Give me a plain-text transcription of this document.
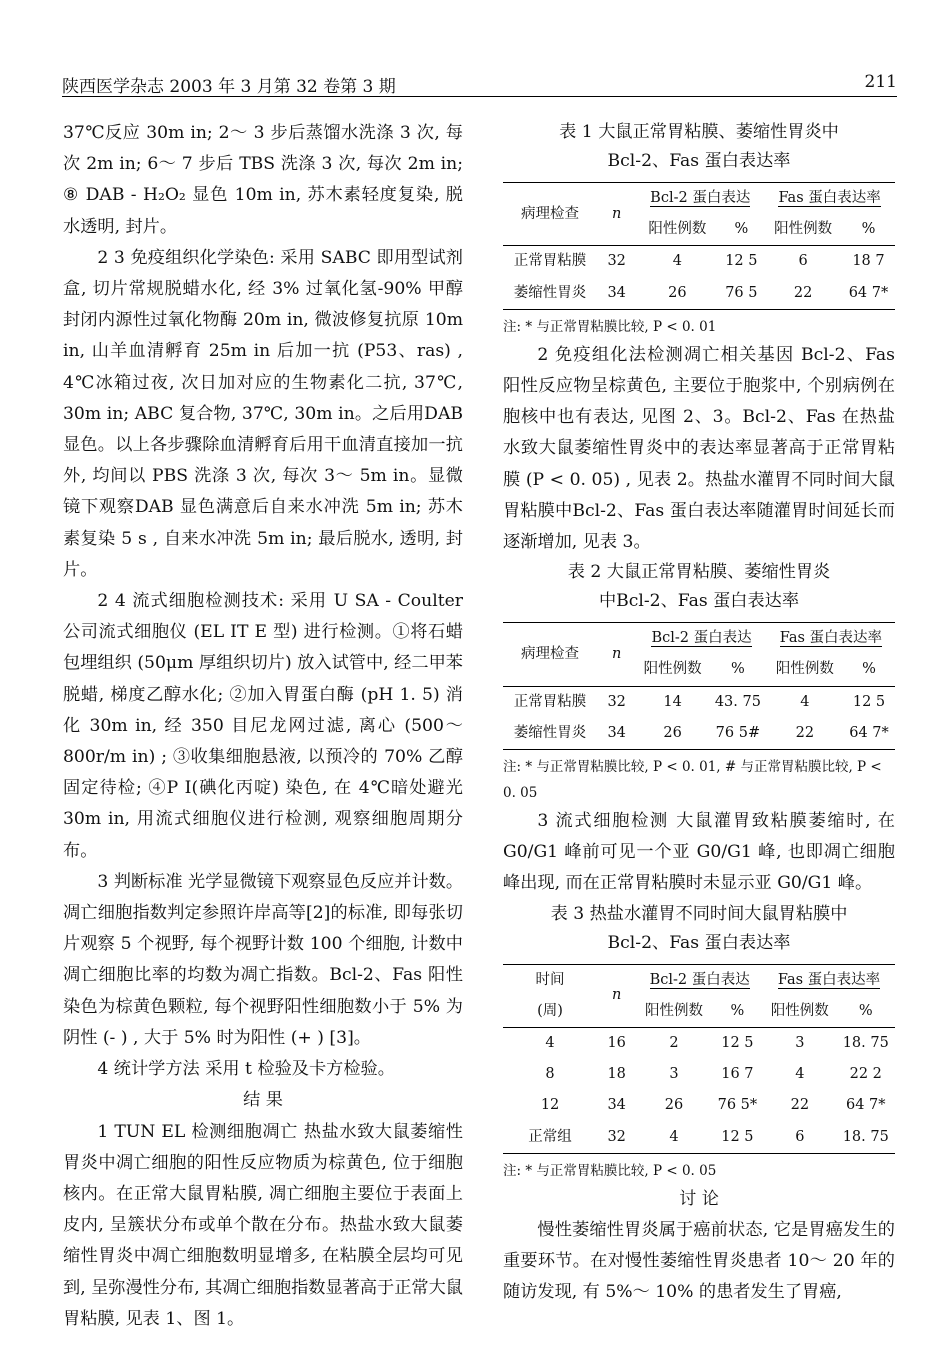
陕西医学杂志 2003 年 3 月第 32 卷第 3 期	211

37℃反应 30m in; 2～ 3 步后蒸馏水洗涤 3 次, 每次 2m in; 6～ 7 步后 TBS 洗涤 3 次, 每次 2m in; ⑧ DAB - H₂O₂ 显色 10m in, 苏木素轻度复染, 脱水透明, 封片。

2 3 免疫组织化学染色: 采用 SABC 即用型试剂盒, 切片常规脱蜡水化, 经 3% 过氧化氢-90% 甲醇封闭内源性过氧化物酶 20m in, 微波修复抗原 10m in, 山羊血清孵育 25m in 后加一抗 (P53、ras) , 4℃冰箱过夜, 次日加对应的生物素化二抗, 37℃, 30m in; ABC 复合物, 37℃, 30m in。之后用DAB 显色。以上各步骤除血清孵育后用干血清直接加一抗外, 均间以 PBS 洗涤 3 次, 每次 3～ 5m in。显微镜下观察DAB 显色满意后自来水冲洗 5m in; 苏木素复染 5 s , 自来水冲洗 5m in; 最后脱水, 透明, 封片。

2 4 流式细胞检测技术: 采用 U SA - Coulter 公司流式细胞仪 (EL IT E 型) 进行检测。①将石蜡包埋组织 (50μm 厚组织切片) 放入试管中, 经二甲苯脱蜡, 梯度乙醇水化; ②加入胃蛋白酶 (pH 1. 5) 消化 30m in, 经 350 目尼龙网过滤, 离心 (500～ 800r/m in) ; ③收集细胞悬液, 以预冷的 70% 乙醇固定待检; ④P I(碘化丙啶) 染色, 在 4℃暗处避光 30m in, 用流式细胞仪进行检测, 观察细胞周期分布。

3 判断标准 光学显微镜下观察显色反应并计数。凋亡细胞指数判定参照许岸高等[2]的标准, 即每张切片观察 5 个视野, 每个视野计数 100 个细胞, 计数中凋亡细胞比率的均数为凋亡指数。Bcl-2、Fas 阳性染色为棕黄色颗粒, 每个视野阳性细胞数小于 5% 为阴性 (- ) , 大于 5% 时为阳性 (+ ) [3]。

4 统计学方法 采用 t 检验及卡方检验。

结 果

1 TUN EL 检测细胞凋亡 热盐水致大鼠萎缩性胃炎中凋亡细胞的阳性反应物质为棕黄色, 位于细胞核内。在正常大鼠胃粘膜, 凋亡细胞主要位于表面上皮内, 呈簇状分布或单个散在分布。热盐水致大鼠萎缩性胃炎中凋亡细胞数明显增多, 在粘膜全层均可见到, 呈弥漫性分布, 其凋亡细胞指数显著高于正常大鼠胃粘膜, 见表 1、图 1。

表 1 大鼠正常胃粘膜、萎缩性胃炎中
Bcl-2、Fas 蛋白表达率
病理检查	n	Bcl-2 蛋白表达		Fas 蛋白表达率	
		阳性例数	%	阳性例数	%
正常胃粘膜	32	4	12 5	6	18 7
萎缩性胃炎	34	26	76 5	22	64 7*
注: * 与正常胃粘膜比较, P < 0. 01

2 免疫组化法检测凋亡相关基因 Bcl-2、Fas 阳性反应物呈棕黄色, 主要位于胞浆中, 个别病例在胞核中也有表达, 见图 2、3。Bcl-2、Fas 在热盐水致大鼠萎缩性胃炎中的表达率显著高于正常胃粘膜 (P < 0. 05) , 见表 2。热盐水灌胃不同时间大鼠胃粘膜中Bcl-2、Fas 蛋白表达率随灌胃时间延长而逐渐增加, 见表 3。

表 2 大鼠正常胃粘膜、萎缩性胃炎
中Bcl-2、Fas 蛋白表达率
病理检查	n	Bcl-2 蛋白表达		Fas 蛋白表达率	
		阳性例数	%	阳性例数	%
正常胃粘膜	32	14	43. 75	4	12 5
萎缩性胃炎	34	26	76 5#	22	64 7*
注: * 与正常胃粘膜比较, P < 0. 01, # 与正常胃粘膜比较, P < 0. 05

3 流式细胞检测 大鼠灌胃致粘膜萎缩时, 在 G0/G1 峰前可见一个亚 G0/G1 峰, 也即凋亡细胞峰出现, 而在正常胃粘膜时未显示亚 G0/G1 峰。

表 3 热盐水灌胃不同时间大鼠胃粘膜中
Bcl-2、Fas 蛋白表达率
时间	n	Bcl-2 蛋白表达		Fas 蛋白表达率	
(周)		阳性例数	%	阳性例数	%
4	16	2	12 5	3	18. 75
8	18	3	16 7	4	22 2
12	34	26	76 5*	22	64 7*
正常组	32	4	12 5	6	18. 75
注: * 与正常胃粘膜比较, P < 0. 05

讨 论

慢性萎缩性胃炎属于癌前状态, 它是胃癌发生的重要环节。在对慢性萎缩性胃炎患者 10～ 20 年的随访发现, 有 5%～ 10% 的患者发生了胃癌,
